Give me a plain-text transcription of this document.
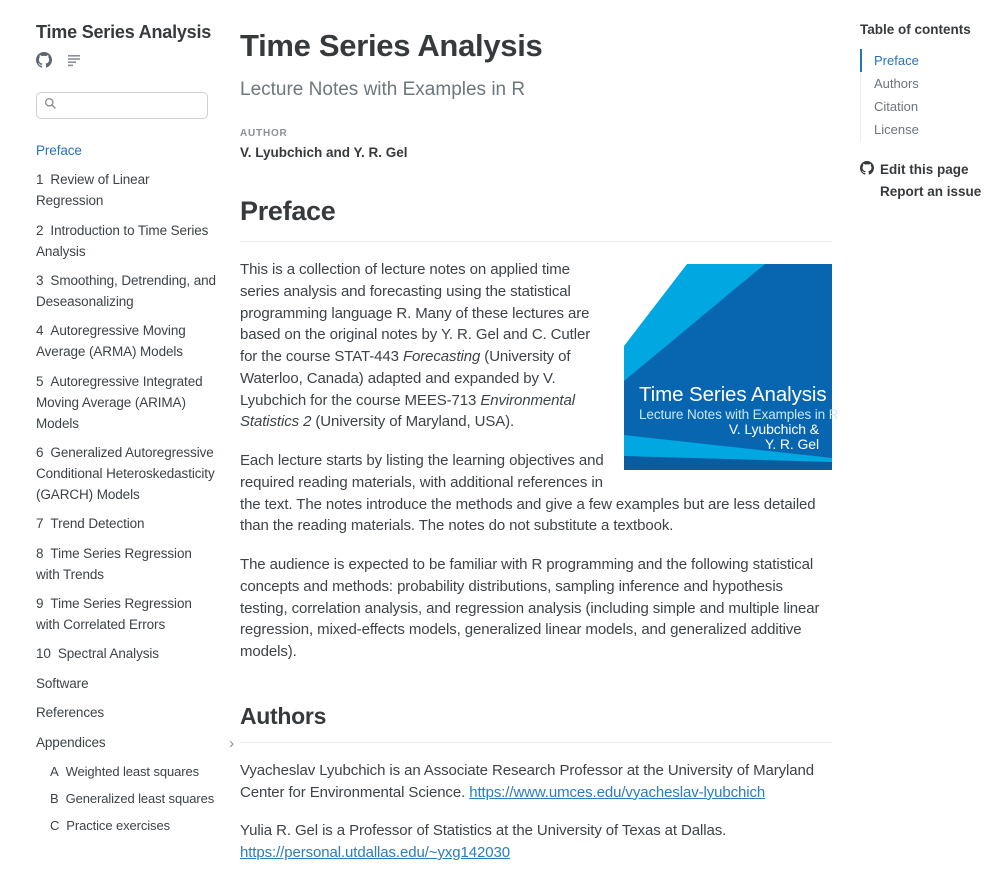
Time Series Analysis
Preface
1 Review of Linear Regression
2 Introduction to Time Series Analysis
3 Smoothing, Detrending, and Deseasonalizing
4 Autoregressive Moving Average (ARMA) Models
5 Autoregressive Integrated Moving Average (ARIMA) Models
6 Generalized Autoregressive Conditional Heteroskedasticity (GARCH) Models
7 Trend Detection
8 Time Series Regression with Trends
9 Time Series Regression with Correlated Errors
10 Spectral Analysis
Software
References
Appendices	›
A Weighted least squares
B Generalized least squares
C Practice exercises
Time Series Analysis
Lecture Notes with Examples in R
AUTHOR
V. Lyubchich and Y. R. Gel
Preface
Time Series Analysis
Lecture Notes with Examples in R
V. Lyubchich &
Y. R. Gel

This is a collection of lecture notes on applied time series analysis and forecasting using the statistical programming language R. Many of these lectures are based on the original notes by Y. R. Gel and C. Cutler for the course STAT-443 Forecasting (University of Waterloo, Canada) adapted and expanded by V. Lyubchich for the course MEES-713 Environmental Statistics 2 (University of Maryland, USA).

Each lecture starts by listing the learning objectives and required reading materials, with additional references in the text. The notes introduce the methods and give a few examples but are less detailed than the reading materials. The notes do not substitute a textbook.

The audience is expected to be familiar with R programming and the following statistical concepts and methods: probability distributions, sampling inference and hypothesis testing, correlation analysis, and regression analysis (including simple and multiple linear regression, mixed-effects models, generalized linear models, and generalized additive models).

Authors

Vyacheslav Lyubchich is an Associate Research Professor at the University of Maryland Center for Environmental Science. https://www.umces.edu/vyacheslav-lyubchich

Yulia R. Gel is a Professor of Statistics at the University of Texas at Dallas.
https://personal.utdallas.edu/~yxg142030

Table of contents
Preface
Authors
Citation
License
Edit this page
Report an issue
